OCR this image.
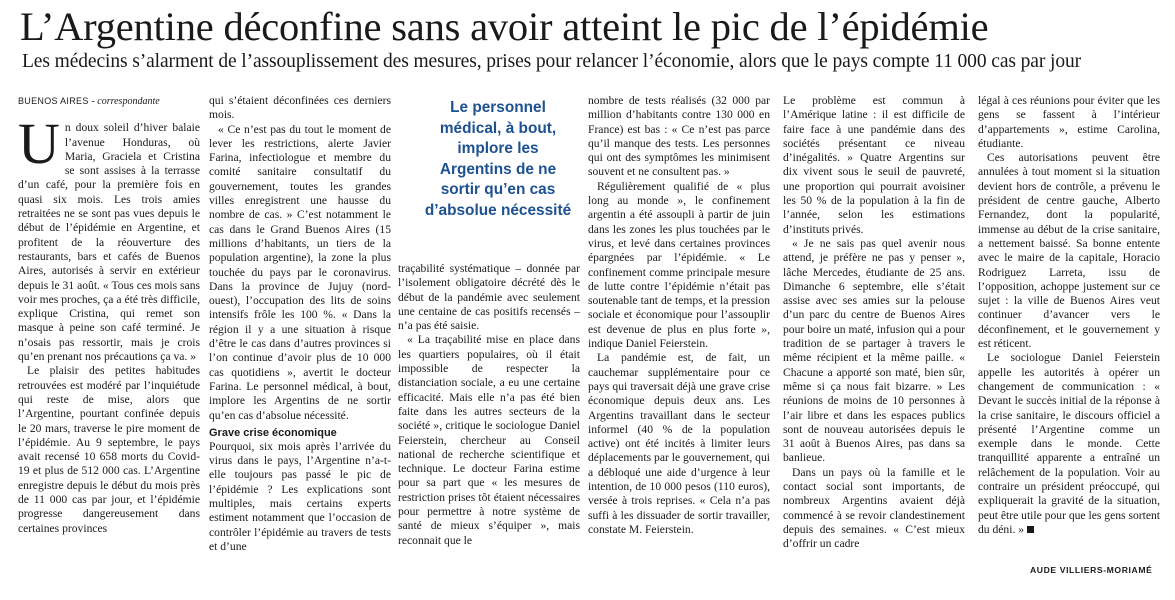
L’Argentine déconfine sans avoir atteint le pic de l’épidémie
Les médecins s’alarment de l’assouplissement des mesures, prises pour relancer l’économie, alors que le pays compte 11 000 cas par jour
BUENOS AIRES - correspondante
U n doux soleil d’hiver balaie l’avenue Honduras, où Maria, Graciela et Cristina se sont assises à la terrasse d’un café, pour la première fois en quasi six mois. Les trois amies retraitées ne se sont pas vues depuis le début de l’épidémie en Argentine, et profitent de la réouverture des restaurants, bars et cafés de Buenos Aires, autorisés à servir en extérieur depuis le 31 août. « Tous ces mois sans voir mes proches, ça a été très difficile, explique Cristina, qui remet son masque à peine son café terminé. Je n’osais pas ressortir, mais je crois qu’en prenant nos précautions ça va. »

Le plaisir des petites habitudes retrouvées est modéré par l’inquiétude qui reste de mise, alors que l’Argentine, pourtant confinée depuis le 20 mars, traverse le pire moment de l’épidémie. Au 9 septembre, le pays avait recensé 10 658 morts du Covid-19 et plus de 512 000 cas. L’Argentine enregistre depuis le début du mois près de 11 000 cas par jour, et l’épidémie progresse dangereusement dans certaines provinces

qui s’étaient déconfinées ces derniers mois.

« Ce n’est pas du tout le moment de lever les restrictions, alerte Javier Farina, infectiologue et membre du comité sanitaire consultatif du gouvernement, toutes les grandes villes enregistrent une hausse du nombre de cas. » C’est notamment le cas dans le Grand Buenos Aires (15 millions d’habitants, un tiers de la population argentine), la zone la plus touchée du pays par le coronavirus. Dans la province de Jujuy (nord-ouest), l’occupation des lits de soins intensifs frôle les 100 %. « Dans la région il y a une situation à risque d’être le cas dans d’autres provinces si l’on continue d’avoir plus de 10 000 cas quotidiens », avertit le docteur Farina. Le personnel médical, à bout, implore les Argentins de ne sortir qu’en cas d’absolue nécessité.

Grave crise économique

Pourquoi, six mois après l’arrivée du virus dans le pays, l’Argentine n’a-t-elle toujours pas passé le pic de l’épidémie ? Les explications sont multiples, mais certains experts estiment notamment que l’occasion de contrôler l’épidémie au travers de tests et d’une

Le personnel médical, à bout, implore les Argentins de ne sortir qu’en cas d’absolue nécessité

traçabilité systématique – donnée par l’isolement obligatoire décrété dès le début de la pandémie avec seulement une centaine de cas positifs recensés – n’a pas été saisie.

« La traçabilité mise en place dans les quartiers populaires, où il était impossible de respecter la distanciation sociale, a eu une certaine efficacité. Mais elle n’a pas été bien faite dans les autres secteurs de la société », critique le sociologue Daniel Feierstein, chercheur au Conseil national de recherche scientifique et technique. Le docteur Farina estime pour sa part que « les mesures de restriction prises tôt étaient nécessaires pour permettre à notre système de santé de mieux s’équiper », mais reconnait que le

nombre de tests réalisés (32 000 par million d’habitants contre 130 000 en France) est bas : « Ce n’est pas parce qu’il manque des tests. Les personnes qui ont des symptômes les minimisent souvent et ne consultent pas. »

Régulièrement qualifié de « plus long au monde », le confinement argentin a été assoupli à partir de juin dans les zones les plus touchées par le virus, et levé dans certaines provinces épargnées par l’épidémie. « Le confinement comme principale mesure de lutte contre l’épidémie n’était pas soutenable tant de temps, et la pression sociale et économique pour l’assouplir est devenue de plus en plus forte », indique Daniel Feierstein.

La pandémie est, de fait, un cauchemar supplémentaire pour ce pays qui traversait déjà une grave crise économique depuis deux ans. Les Argentins travaillant dans le secteur informel (40 % de la population active) ont été incités à limiter leurs déplacements par le gouvernement, qui a débloqué une aide d’urgence à leur intention, de 10 000 pesos (110 euros), versée à trois reprises. « Cela n’a pas suffi à les dissuader de sortir travailler, constate M. Feierstein.

Le problème est commun à l’Amérique latine : il est difficile de faire face à une pandémie dans des sociétés présentant ce niveau d’inégalités. » Quatre Argentins sur dix vivent sous le seuil de pauvreté, une proportion qui pourrait avoisiner les 50 % de la population à la fin de l’année, selon les estimations d’instituts privés.

« Je ne sais pas quel avenir nous attend, je préfère ne pas y penser », lâche Mercedes, étudiante de 25 ans. Dimanche 6 septembre, elle s’était assise avec ses amies sur la pelouse d’un parc du centre de Buenos Aires pour boire un maté, infusion qui a pour tradition de se partager à travers le même récipient et la même paille. « Chacune a apporté son maté, bien sûr, même si ça nous fait bizarre. » Les réunions de moins de 10 personnes à l’air libre et dans les espaces publics sont de nouveau autorisées depuis le 31 août à Buenos Aires, pas dans sa banlieue.

Dans un pays où la famille et le contact social sont importants, de nombreux Argentins avaient déjà commencé à se revoir clandestinement depuis des semaines. « C’est mieux d’offrir un cadre

légal à ces réunions pour éviter que les gens se fassent à l’intérieur d’appartements », estime Carolina, étudiante.

Ces autorisations peuvent être annulées à tout moment si la situation devient hors de contrôle, a prévenu le président de centre gauche, Alberto Fernandez, dont la popularité, immense au début de la crise sanitaire, a nettement baissé. Sa bonne entente avec le maire de la capitale, Horacio Rodriguez Larreta, issu de l’opposition, achoppe justement sur ce sujet : la ville de Buenos Aires veut continuer d’avancer vers le déconfinement, et le gouvernement y est réticent.

Le sociologue Daniel Feierstein appelle les autorités à opérer un changement de communication : « Devant le succès initial de la réponse à la crise sanitaire, le discours officiel a présenté l’Argentine comme un exemple dans le monde. Cette tranquillité apparente a entraîné un relâchement de la population. Voir au contraire un président préoccupé, qui expliquerait la gravité de la situation, peut être utile pour que les gens sortent du déni. »

AUDE VILLIERS-MORIAMÉ
